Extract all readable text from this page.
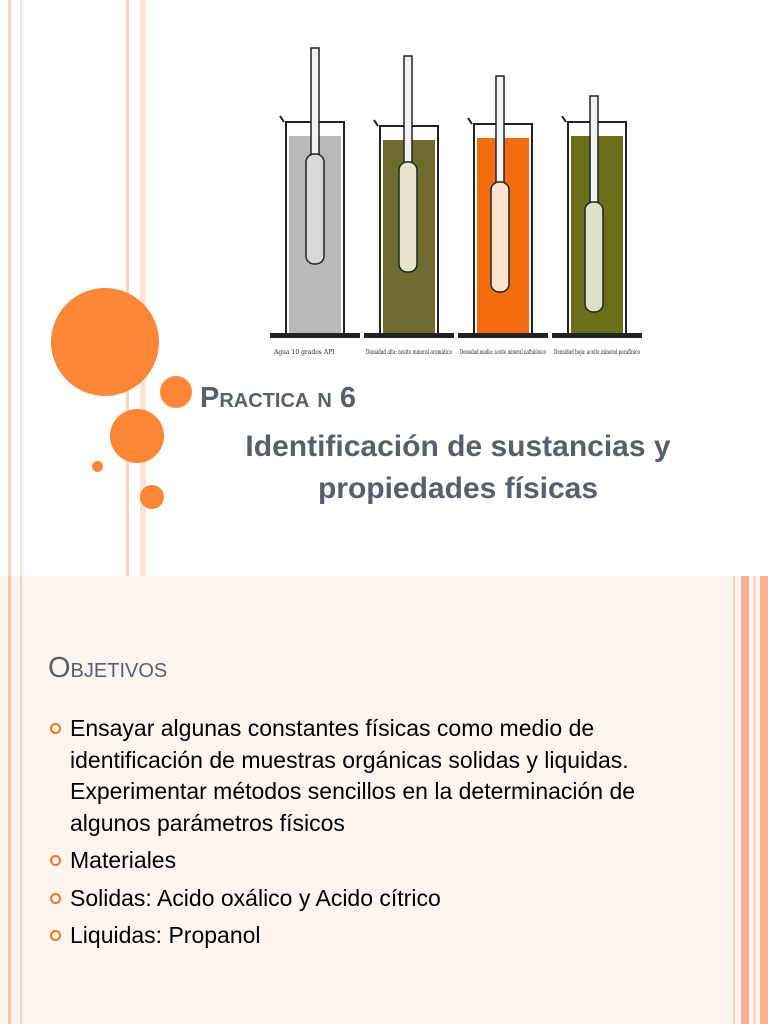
Agua 10 grados API	Densidad alta: aceite mineral aromático Densidad media: aceite mineral naftalénico Densidad baja: aceite mineral parafínico
Practica n 6
Identificación de sustancias y propiedades físicas
Objetivos
Ensayar algunas constantes físicas como medio de identificación de muestras orgánicas solidas y liquidas. Experimentar métodos sencillos en la determinación de algunos parámetros físicos
Materiales
Solidas: Acido oxálico y Acido cítrico
Liquidas: Propanol
